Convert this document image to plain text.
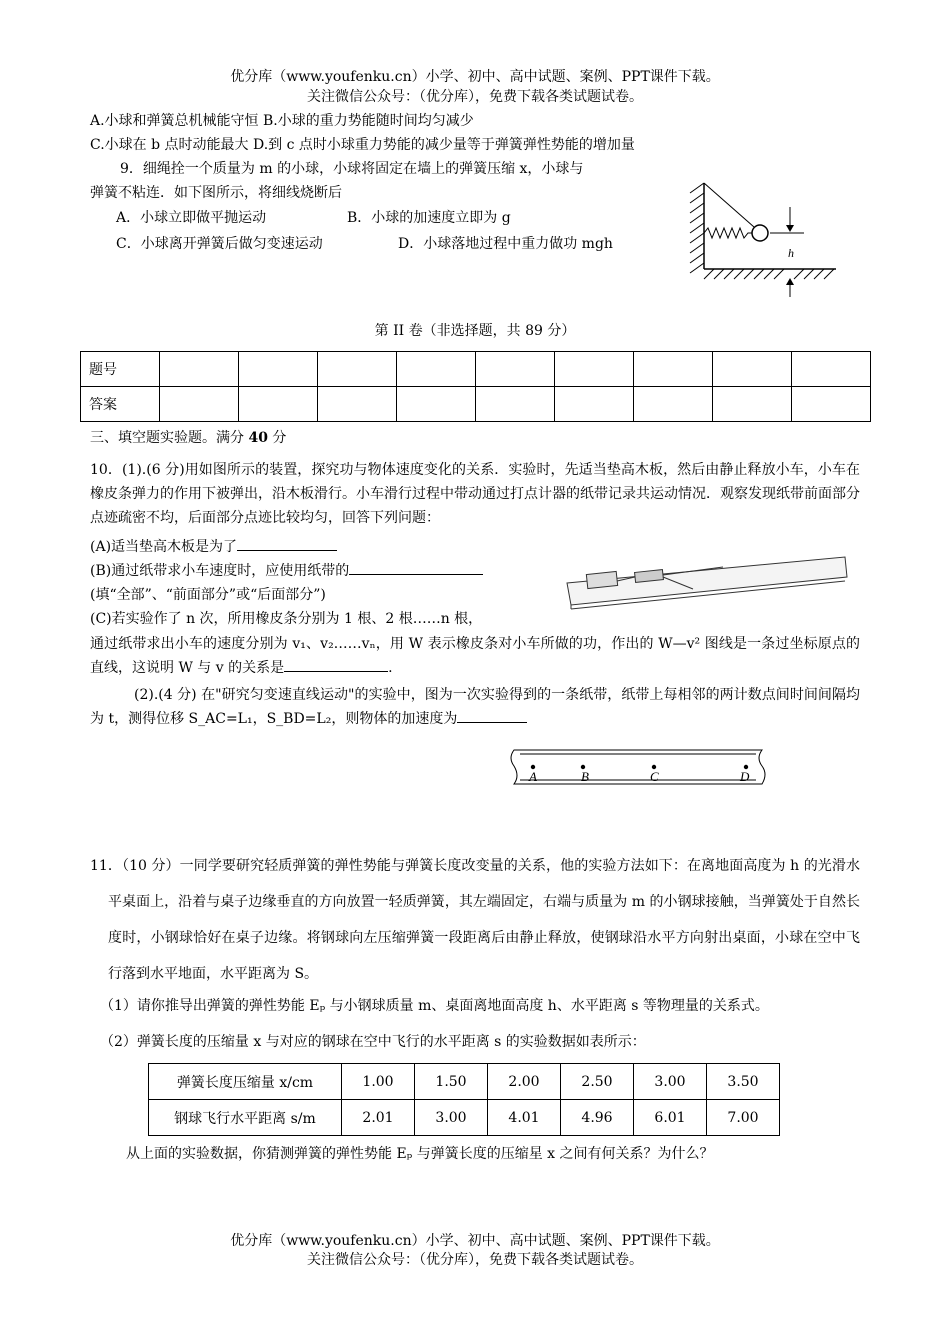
优分库（www.youfenku.cn）小学、初中、高中试题、案例、PPT课件下载。
关注微信公众号：（优分库），免费下载各类试题试卷。
A.小球和弹簧总机械能守恒 B.小球的重力势能随时间均匀减少
C.小球在 b 点时动能最大 D.到 c 点时小球重力势能的减少量等于弹簧弹性势能的增加量
9．细绳拴一个质量为 m 的小球，小球将固定在墙上的弹簧压缩 x，小球与
弹簧不粘连．如下图所示，将细线烧断后
A．小球立即做平抛运动	B．小球的加速度立即为 g
C．小球离开弹簧后做匀变速运动	D．小球落地过程中重力做功 mgh
h
第 II 卷（非选择题，共 89 分）
题号									
答案									
三、填空题实验题。满分 40 分
10．(1).(6 分)用如图所示的装置，探究功与物体速度变化的关系．实验时，先适当垫高木板，然后由静止释放小车，小车在橡皮条弹力的作用下被弹出，沿木板滑行。小车滑行过程中带动通过打点计器的纸带记录共运动情况．观察发现纸带前面部分点迹疏密不均，后面部分点迹比较均匀，回答下列问题：
(A)适当垫高木板是为了
(B)通过纸带求小车速度时，应使用纸带的
(填“全部”、“前面部分”或“后面部分”)
(C)若实验作了 n 次，所用橡皮条分别为 1 根、2 根……n 根，
通过纸带求出小车的速度分别为 v₁、v₂……vₙ，用 W 表示橡皮条对小车所做的功，作出的 W—v² 图线是一条过坐标原点的直线，这说明 W 与 v 的关系是	.
(2).(4 分) 在"研究匀变速直线运动"的实验中，图为一次实验得到的一条纸带，纸带上每相邻的两计数点间时间间隔均为 t，测得位移 S_AC=L₁，S_BD=L₂，则物体的加速度为
A	B	C	D
11．（10 分）一同学要研究轻质弹簧的弹性势能与弹簧长度改变量的关系，他的实验方法如下：在离地面高度为 h 的光滑水平桌面上，沿着与桌子边缘垂直的方向放置一轻质弹簧，其左端固定，右端与质量为 m 的小钢球接触，当弹簧处于自然长度时，小钢球恰好在桌子边缘。将钢球向左压缩弹簧一段距离后由静止释放，使钢球沿水平方向射出桌面，小球在空中飞行落到水平地面，水平距离为 S。
（1）请你推导出弹簧的弹性势能 Eₚ 与小钢球质量 m、桌面离地面高度 h、水平距离 s 等物理量的关系式。
（2）弹簧长度的压缩量 x 与对应的钢球在空中飞行的水平距离 s 的实验数据如表所示：
弹簧长度压缩量 x/cm	1.00	1.50	2.00	2.50	3.00	3.50
钢球飞行水平距离 s/m	2.01	3.00	4.01	4.96	6.01	7.00
从上面的实验数据，你猜测弹簧的弹性势能 Eₚ 与弹簧长度的压缩星 x 之间有何关系？为什么？
优分库（www.youfenku.cn）小学、初中、高中试题、案例、PPT课件下载。
关注微信公众号：（优分库），免费下载各类试题试卷。
